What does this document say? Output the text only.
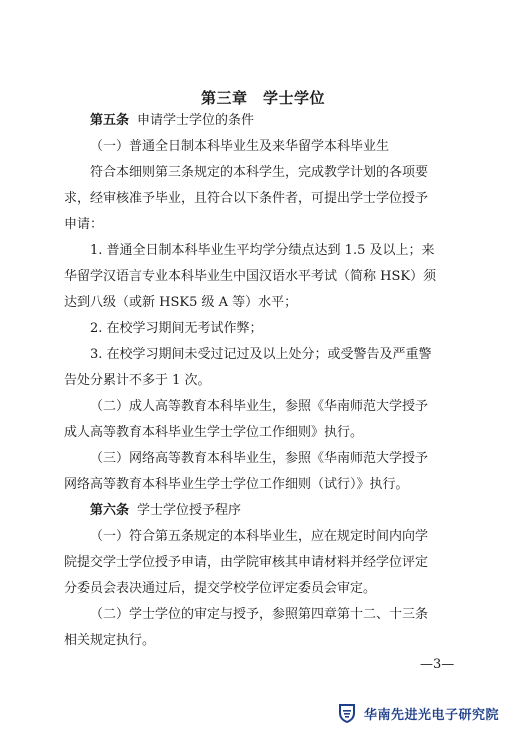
第三章　学士学位

第五条 申请学士学位的条件

（一）普通全日制本科毕业生及来华留学本科毕业生

符合本细则第三条规定的本科学生，完成教学计划的各项要

求，经审核准予毕业，且符合以下条件者，可提出学士学位授予

申请：

1. 普通全日制本科毕业生平均学分绩点达到 1.5 及以上；来

华留学汉语言专业本科毕业生中国汉语水平考试（简称 HSK）须

达到八级（或新 HSK5 级 A 等）水平；

2. 在校学习期间无考试作弊；

3. 在校学习期间未受过记过及以上处分；或受警告及严重警

告处分累计不多于 1 次。

（二）成人高等教育本科毕业生，参照《华南师范大学授予

成人高等教育本科毕业生学士学位工作细则》执行。

（三）网络高等教育本科毕业生，参照《华南师范大学授予

网络高等教育本科毕业生学士学位工作细则（试行）》执行。

第六条 学士学位授予程序

（一）符合第五条规定的本科毕业生，应在规定时间内向学

院提交学士学位授予申请，由学院审核其申请材料并经学位评定

分委员会表决通过后，提交学校学位评定委员会审定。

（二）学士学位的审定与授予，参照第四章第十二、十三条

相关规定执行。

—3—

华南先进光电子研究院
